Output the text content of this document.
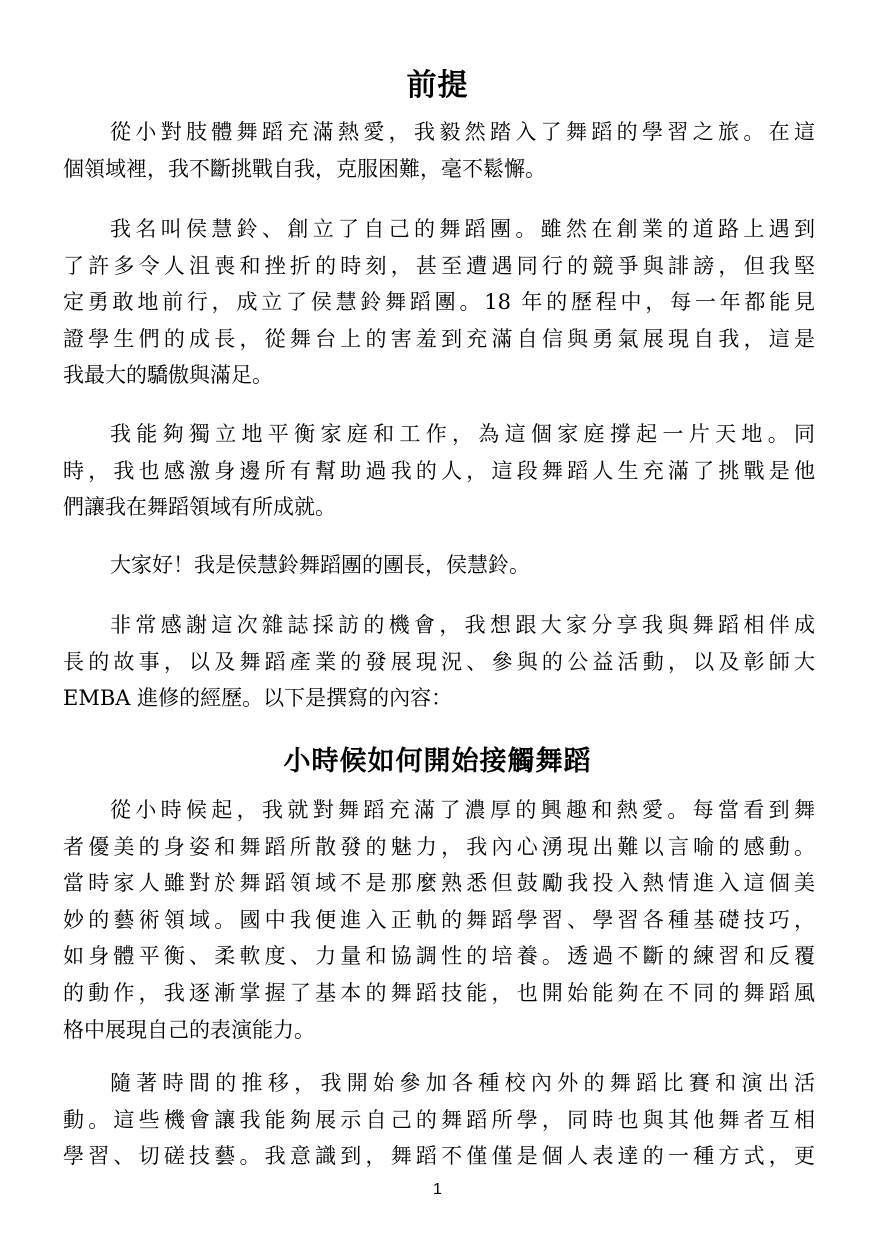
前提
從小對肢體舞蹈充滿熱愛，我毅然踏入了舞蹈的學習之旅。在這
個領域裡，我不斷挑戰自我，克服困難，毫不鬆懈。
我名叫侯慧鈴、創立了自己的舞蹈團。雖然在創業的道路上遇到
了許多令人沮喪和挫折的時刻，甚至遭遇同行的競爭與誹謗，但我堅
定勇敢地前行，成立了侯慧鈴舞蹈團。18 年的歷程中，每一年都能見
證學生們的成長，從舞台上的害羞到充滿自信與勇氣展現自我，這是
我最大的驕傲與滿足。
我能夠獨立地平衡家庭和工作，為這個家庭撐起一片天地。同
時，我也感激身邊所有幫助過我的人，這段舞蹈人生充滿了挑戰是他
們讓我在舞蹈領域有所成就。
大家好！我是侯慧鈴舞蹈團的團長，侯慧鈴。
非常感謝這次雜誌採訪的機會，我想跟大家分享我與舞蹈相伴成
長的故事，以及舞蹈產業的發展現況、參與的公益活動，以及彰師大
EMBA 進修的經歷。以下是撰寫的內容：
小時候如何開始接觸舞蹈
從小時候起，我就對舞蹈充滿了濃厚的興趣和熱愛。每當看到舞
者優美的身姿和舞蹈所散發的魅力，我內心湧現出難以言喻的感動。
當時家人雖對於舞蹈領域不是那麼熟悉但鼓勵我投入熱情進入這個美
妙的藝術領域。國中我便進入正軌的舞蹈學習、學習各種基礎技巧，
如身體平衡、柔軟度、力量和協調性的培養。透過不斷的練習和反覆
的動作，我逐漸掌握了基本的舞蹈技能，也開始能夠在不同的舞蹈風
格中展現自己的表演能力。
隨著時間的推移，我開始參加各種校內外的舞蹈比賽和演出活
動。這些機會讓我能夠展示自己的舞蹈所學，同時也與其他舞者互相
學習、切磋技藝。我意識到，舞蹈不僅僅是個人表達的一種方式，更
1
